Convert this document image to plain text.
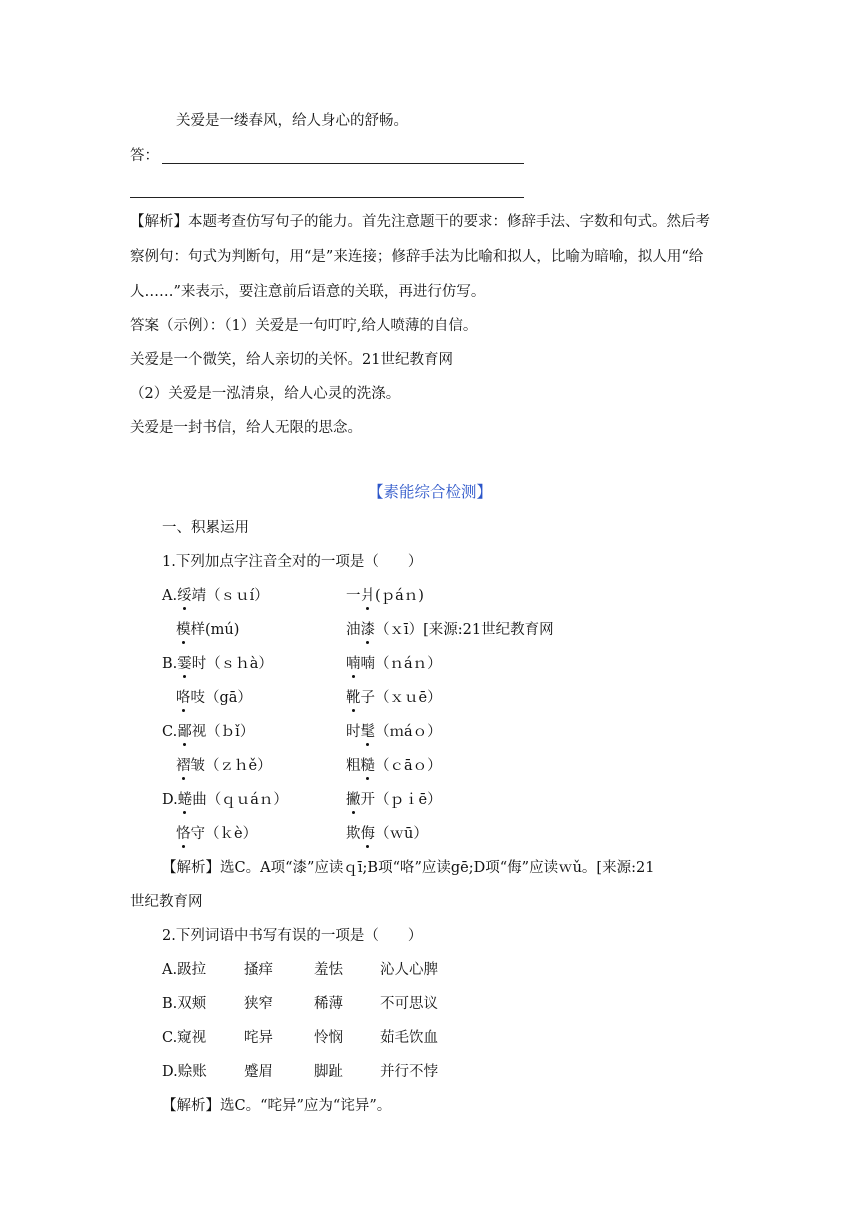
关爱是一缕春风，给人身心的舒畅。
答：
【解析】本题考查仿写句子的能力。首先注意题干的要求：修辞手法、字数和句式。然后考
察例句：句式为判断句，用“是”来连接；修辞手法为比喻和拟人，比喻为暗喻，拟人用“给
人……”来表示，要注意前后语意的关联，再进行仿写。
答案（示例）：（1）关爱是一句叮咛,给人喷薄的自信。
关爱是一个微笑，给人亲切的关怀。21世纪教育网
（2）关爱是一泓清泉，给人心灵的洗涤。
关爱是一封书信，给人无限的思念。
【素能综合检测】
一、积累运用
1.下列加点字注音全对的一项是（　　）
A.绥靖（ｓｕí）	一爿(ｐáｎ)
模样(mú)	油漆（ｘī）[来源:21世纪教育网
B.霎时（ｓｈà）	喃喃（ｎáｎ）
咯吱（gā）	靴子（ｘｕē）
C.鄙视（ｂǐ）	时髦（ｍáｏ）
褶皱（ｚｈě）	粗糙（ｃāｏ）
D.蜷曲（ｑｕáｎ）	撇开（ｐｉē）
恪守（ｋè）	欺侮（ｗū）
【解析】选C。A项“漆”应读ｑī;B项“咯”应读gē;D项“侮”应读ｗǔ。[来源:21
世纪教育网
2.下列词语中书写有误的一项是（　　）
A.趿拉	搔痒	羞怯	沁人心脾
B.双颊	狭窄	稀薄	不可思议
C.窥视	咤异	怜悯	茹毛饮血
D.赊账	蹙眉	脚趾	并行不悖
【解析】选C。“咤异”应为“诧异”。
